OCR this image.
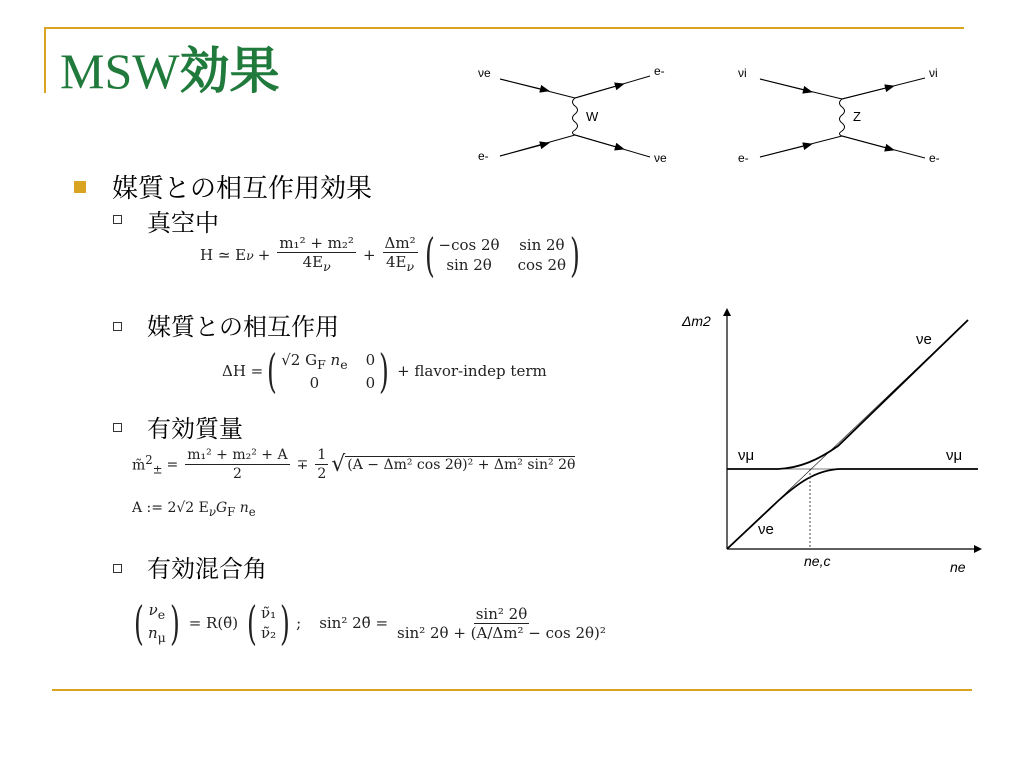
MSW効果	νe	e-
e-	νe
W
νi	νi
e-	e-
Z
媒質との相互作用効果
真空中
H ≃ E $\nu + \frac{\text{m₁² + m₂²}}{4E_\nu} + \frac{\text{Δm²}}{4E_\nu}$ ( −cos 2θ sin 2θ
sin 2θ	cos 2θ )
媒質との相互作用
ΔH = ( √2 $G_F$ $n_e$ 0
0	0 ) + flavor-indep term
有効質量
m̃$^2_\pm$ = $\frac{\text{m₁² + m₂² + A}}{2} \mp \frac{1}{2}$ √ (A − Δm² cos 2θ)² + Δm² sin² 2θ
A := 2√2 $E_\nu G_F$ $n_e$
有効混合角
( $\nu_e$
$n_\mu$ ) = R(θ̃) ( ν̃₁
ν̃₂ ) ; sin² 2θ̃ = $\frac{\text{sin² 2θ}}{\text{sin² 2θ + (A/Δm² − cos 2θ)²}}$
Δm2
ne
ne,c
νe
νμ	νμ
νe
